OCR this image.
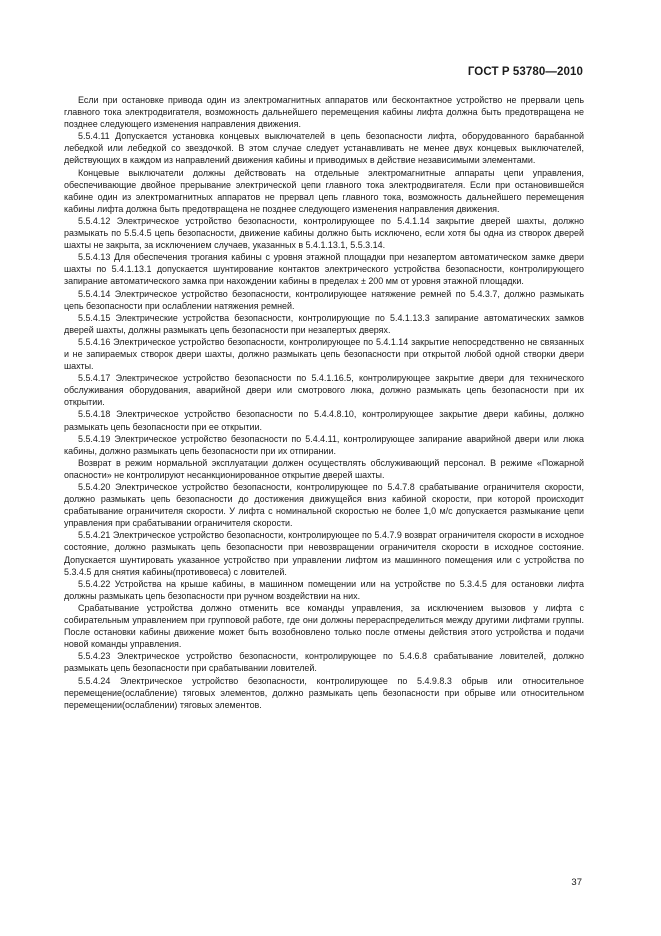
ГОСТ Р 53780—2010

Если при остановке привода один из электромагнитных аппаратов или бесконтактное устройство не прервали цепь главного тока электродвигателя, возможность дальнейшего перемещения кабины лифта должна быть предотвращена не позднее следующего изменения направления движения.

5.5.4.11 Допускается установка концевых выключателей в цепь безопасности лифта, оборудованного барабанной лебедкой или лебедкой со звездочкой. В этом случае следует устанавливать не менее двух концевых выключателей, действующих в каждом из направлений движения кабины и приводимых в действие независимыми элементами.

Концевые выключатели должны действовать на отдельные электромагнитные аппараты цепи управления, обеспечивающие двойное прерывание электрической цепи главного тока электродвигателя. Если при остановившейся кабине один из электромагнитных аппаратов не прервал цепь главного тока, возможность дальнейшего перемещения кабины лифта должна быть предотвращена не позднее следующего изменения направления движения.

5.5.4.12 Электрическое устройство безопасности, контролирующее по 5.4.1.14 закрытие дверей шахты, должно размыкать по 5.5.4.5 цепь безопасности, движение кабины должно быть исключено, если хотя бы одна из створок дверей шахты не закрыта, за исключением случаев, указанных в 5.4.1.13.1, 5.5.3.14.

5.5.4.13 Для обеспечения трогания кабины с уровня этажной площадки при незапертом автоматическом замке двери шахты по 5.4.1.13.1 допускается шунтирование контактов электрического устройства безопасности, контролирующего запирание автоматического замка при нахождении кабины в пределах ± 200 мм от уровня этажной площадки.

5.5.4.14 Электрическое устройство безопасности, контролирующее натяжение ремней по 5.4.3.7, должно размыкать цепь безопасности при ослаблении натяжения ремней.

5.5.4.15 Электрические устройства безопасности, контролирующие по 5.4.1.13.3 запирание автоматических замков дверей шахты, должны размыкать цепь безопасности при незапертых дверях.

5.5.4.16 Электрическое устройство безопасности, контролирующее по 5.4.1.14 закрытие непосредственно не связанных и не запираемых створок двери шахты, должно размыкать цепь безопасности при открытой любой одной створки двери шахты.

5.5.4.17 Электрическое устройство безопасности по 5.4.1.16.5, контролирующее закрытие двери для технического обслуживания оборудования, аварийной двери или смотрового люка, должно размыкать цепь безопасности при их открытии.

5.5.4.18 Электрическое устройство безопасности по 5.4.4.8.10, контролирующее закрытие двери кабины, должно размыкать цепь безопасности при ее открытии.

5.5.4.19 Электрическое устройство безопасности по 5.4.4.11, контролирующее запирание аварийной двери или люка кабины, должно размыкать цепь безопасности при их отпирании.

Возврат в режим нормальной эксплуатации должен осуществлять обслуживающий персонал. В режиме «Пожарной опасности» не контролируют несанкционированное открытие дверей шахты.

5.5.4.20 Электрическое устройство безопасности, контролирующее по 5.4.7.8 срабатывание ограничителя скорости, должно размыкать цепь безопасности до достижения движущейся вниз кабиной скорости, при которой происходит срабатывание ограничителя скорости. У лифта с номинальной скоростью не более 1,0 м/с допускается размыкание цепи управления при срабатывании ограничителя скорости.

5.5.4.21 Электрическое устройство безопасности, контролирующее по 5.4.7.9 возврат ограничителя скорости в исходное состояние, должно размыкать цепь безопасности при невозвращении ограничителя скорости в исходное состояние. Допускается шунтировать указанное устройство при управлении лифтом из машинного помещения или с устройства по 5.3.4.5 для снятия кабины(противовеса) с ловителей.

5.5.4.22 Устройства на крыше кабины, в машинном помещении или на устройстве по 5.3.4.5 для остановки лифта должны размыкать цепь безопасности при ручном воздействии на них.

Срабатывание устройства должно отменить все команды управления, за исключением вызовов у лифта с собирательным управлением при групповой работе, где они должны перераспределиться между другими лифтами группы. После остановки кабины движение может быть возобновлено только после отмены действия этого устройства и подачи новой команды управления.

5.5.4.23 Электрическое устройство безопасности, контролирующее по 5.4.6.8 срабатывание ловителей, должно размыкать цепь безопасности при срабатывании ловителей.

5.5.4.24 Электрическое устройство безопасности, контролирующее по 5.4.9.8.3 обрыв или относительное перемещение(ослабление) тяговых элементов, должно размыкать цепь безопасности при обрыве или относительном перемещении(ослаблении) тяговых элементов.

37
